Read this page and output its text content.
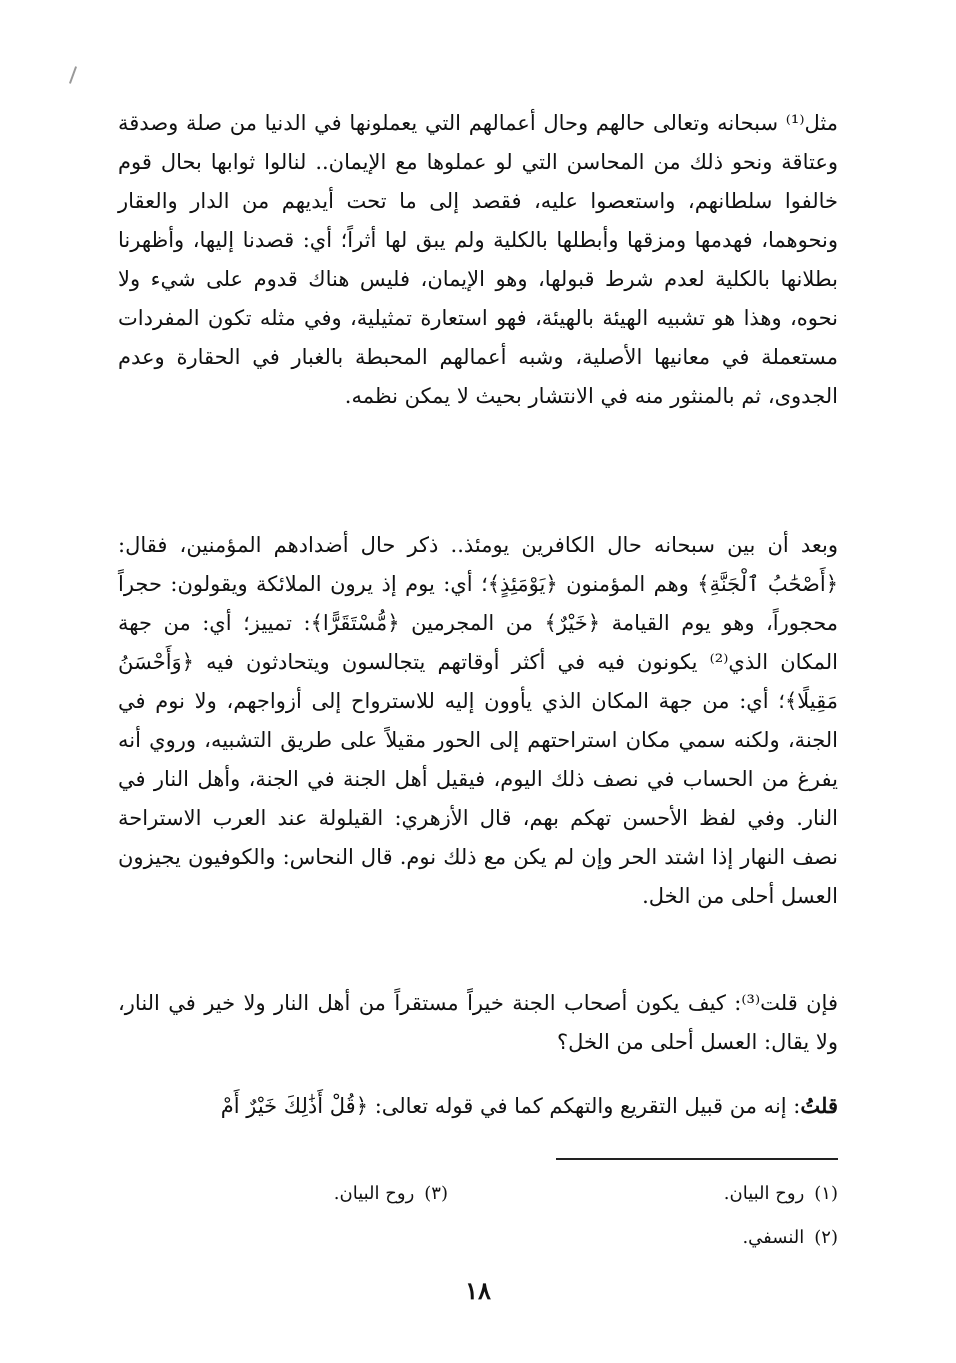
مثل⁽¹⁾ سبحانه وتعالى حالهم وحال أعمالهم التي يعملونها في الدنيا من صلة وصدقة وعتاقة ونحو ذلك من المحاسن التي لو عملوها مع الإيمان.. لنالوا ثوابها بحال قوم خالفوا سلطانهم، واستعصوا عليه، فقصد إلى ما تحت أيديهم من الدار والعقار ونحوهما، فهدمها ومزقها وأبطلها بالكلية ولم يبق لها أثراً؛ أي: قصدنا إليها، وأظهرنا بطلانها بالكلية لعدم شرط قبولها، وهو الإيمان، فليس هناك قدوم على شيء ولا نحوه، وهذا هو تشبيه الهيئة بالهيئة، فهو استعارة تمثيلية، وفي مثله تكون المفردات مستعملة في معانيها الأصلية، وشبه أعمالهم المحبطة بالغبار في الحقارة وعدم الجدوى، ثم بالمنثور منه في الانتشار بحيث لا يمكن نظمه.

وبعد أن بين سبحانه حال الكافرين يومئذ.. ذكر حال أضدادهم المؤمنين، فقال: ﴿أَصْحَٰبُ ٱلْجَنَّةِ﴾ وهم المؤمنون ﴿يَوْمَئِذٍ﴾؛ أي: يوم إذ يرون الملائكة ويقولون: حجراً محجوراً، وهو يوم القيامة ﴿خَيْرٌ﴾ من المجرمين ﴿مُّسْتَقَرًّا﴾: تمييز؛ أي: من جهة المكان الذي⁽²⁾ يكونون فيه في أكثر أوقاتهم يتجالسون ويتحادثون فيه ﴿وَأَحْسَنُ مَقِيلًا﴾؛ أي: من جهة المكان الذي يأوون إليه للاسترواح إلى أزواجهم، ولا نوم في الجنة، ولكنه سمي مكان استراحتهم إلى الحور مقيلاً على طريق التشبيه، وروي أنه يفرغ من الحساب في نصف ذلك اليوم، فيقيل أهل الجنة في الجنة، وأهل النار في النار. وفي لفظ الأحسن تهكم بهم، قال الأزهري: القيلولة عند العرب الاستراحة نصف النهار إذا اشتد الحر وإن لم يكن مع ذلك نوم. قال النحاس: والكوفيون يجيزون العسل أحلى من الخل.

فإن قلت⁽³⁾: كيف يكون أصحاب الجنة خيراً مستقراً من أهل النار ولا خير في النار، ولا يقال: العسل أحلى من الخل؟

قلتُ: إنه من قبيل التقريع والتهكم كما في قوله تعالى: ﴿قُلْ أَذَٰلِكَ خَيْرٌ أَمْ

(١)روح البيان.
(٣)روح البيان.
(٢)النسفي.
١٨
